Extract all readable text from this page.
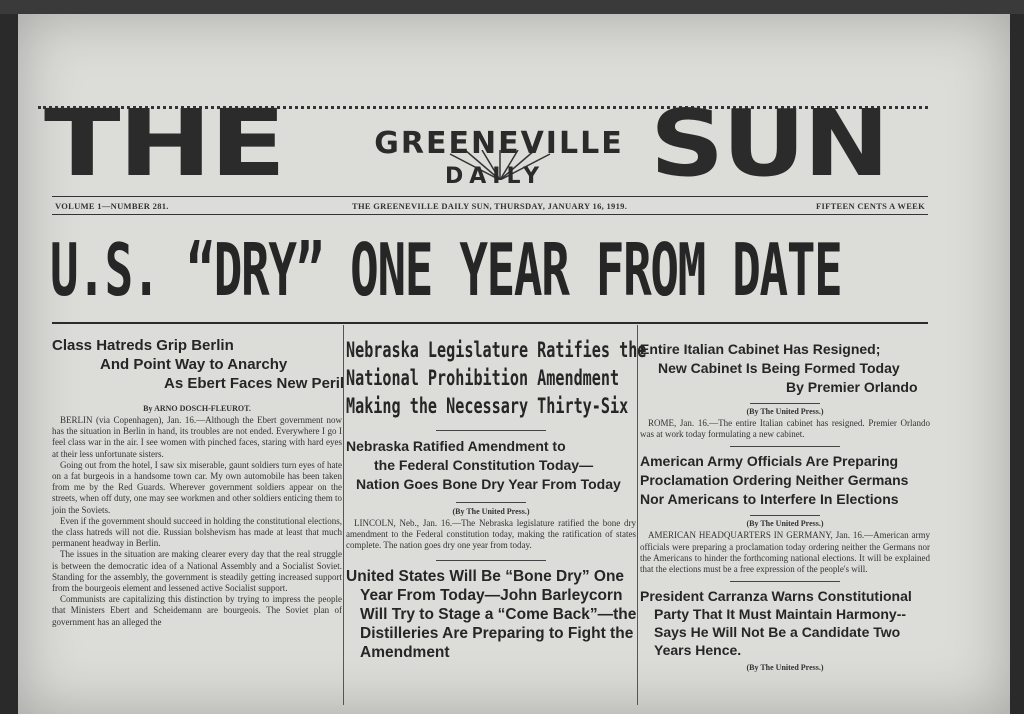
THE	GREENEVILLE
DAILY	SUN
VOLUME 1—NUMBER 281.	THE GREENEVILLE DAILY SUN, THURSDAY, JANUARY 16, 1919.	FIFTEEN CENTS A WEEK
U.S. “DRY” ONE YEAR FROM DATE
Class Hatreds Grip Berlin
And Point Way to Anarchy
As Ebert Faces New Peril
By ARNO DOSCH-FLEUROT.

BERLIN (via Copenhagen), Jan. 16.—Although the Ebert government now has the situation in Berlin in hand, its troubles are not ended. Everywhere I go I feel class war in the air. I see women with pinched faces, staring with hard eyes at their less unfortunate sisters.

Going out from the hotel, I saw six miserable, gaunt soldiers turn eyes of hate on a fat burgeois in a handsome town car. My own automobile has been taken from me by the Red Guards. Wherever government soldiers appear on the streets, when off duty, one may see workmen and other soldiers enticing them to join the Soviets.

Even if the government should succeed in holding the constitutional elections, the class hatreds will not die. Russian bolshevism has made at least that much permanent headway in Berlin.

The issues in the situation are making clearer every day that the real struggle is between the democratic idea of a National Assembly and a Socialist Soviet. Standing for the assembly, the government is steadily getting increased support from the bourgeois element and lessened active Socialist support.

Communists are capitalizing this distinction by trying to impress the people that Ministers Ebert and Scheidemann are bourgeois. The Soviet plan of government has an alleged the

Nebraska Legislature Ratifies the
National Prohibition Amendment
Making the Necessary Thirty-Six
Nebraska Ratified Amendment to
the Federal Constitution Today—
Nation Goes Bone Dry Year From Today
(By The United Press.)

LINCOLN, Neb., Jan. 16.—The Nebraska legislature ratified the bone dry amendment to the Federal constitution today, making the ratification of states complete. The nation goes dry one year from today.

United States Will Be “Bone Dry” One
Year From Today—John Barleycorn
Will Try to Stage a “Come Back”—the
Distilleries Are Preparing to Fight the
Amendment
Entire Italian Cabinet Has Resigned;
New Cabinet Is Being Formed Today
By Premier Orlando
(By The United Press.)

ROME, Jan. 16.—The entire Italian cabinet has resigned. Premier Orlando was at work today formulating a new cabinet.

American Army Officials Are Preparing
Proclamation Ordering Neither Germans
Nor Americans to Interfere In Elections
(By The United Press.)

AMERICAN HEADQUARTERS IN GERMANY, Jan. 16.—American army officials were preparing a proclamation today ordering neither the Germans nor the Americans to hinder the forthcoming national elections. It will be explained that the elections must be a free expression of the people's will.

President Carranza Warns Constitutional
Party That It Must Maintain Harmony--
Says He Will Not Be a Candidate Two
Years Hence.
(By The United Press.)
